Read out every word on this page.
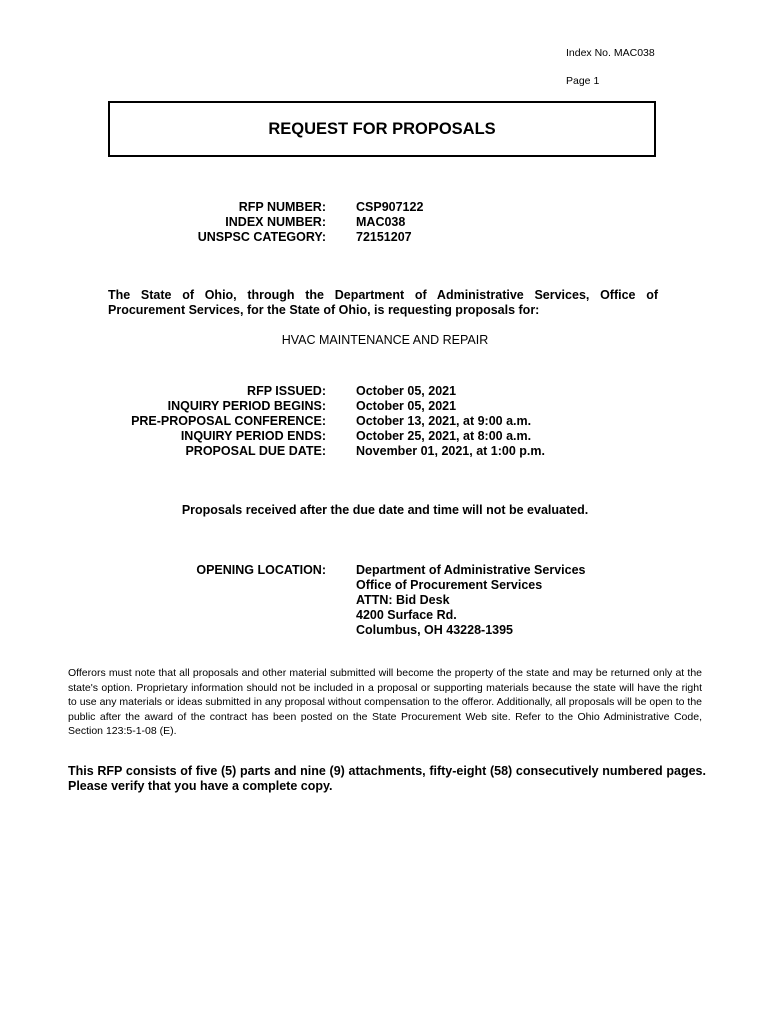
Index No. MAC038
Page 1
REQUEST FOR PROPOSALS
RFP NUMBER:	CSP907122
INDEX NUMBER:	MAC038
UNSPSC CATEGORY:	72151207
The State of Ohio, through the Department of Administrative Services, Office of Procurement Services, for the State of Ohio, is requesting proposals for:
HVAC MAINTENANCE AND REPAIR
RFP ISSUED:	October 05, 2021
INQUIRY PERIOD BEGINS:	October 05, 2021
PRE-PROPOSAL CONFERENCE:	October 13, 2021, at 9:00 a.m.
INQUIRY PERIOD ENDS:	October 25, 2021, at 8:00 a.m.
PROPOSAL DUE DATE:	November 01, 2021, at 1:00 p.m.
Proposals received after the due date and time will not be evaluated.
OPENING LOCATION:	Department of Administrative Services
Office of Procurement Services
ATTN: Bid Desk
4200 Surface Rd.
Columbus, OH 43228-1395
Offerors must note that all proposals and other material submitted will become the property of the state and may be returned only at the state's option. Proprietary information should not be included in a proposal or supporting materials because the state will have the right to use any materials or ideas submitted in any proposal without compensation to the offeror. Additionally, all proposals will be open to the public after the award of the contract has been posted on the State Procurement Web site. Refer to the Ohio Administrative Code, Section 123:5-1-08 (E).
This RFP consists of five (5) parts and nine (9) attachments, fifty-eight (58) consecutively numbered pages. Please verify that you have a complete copy.
